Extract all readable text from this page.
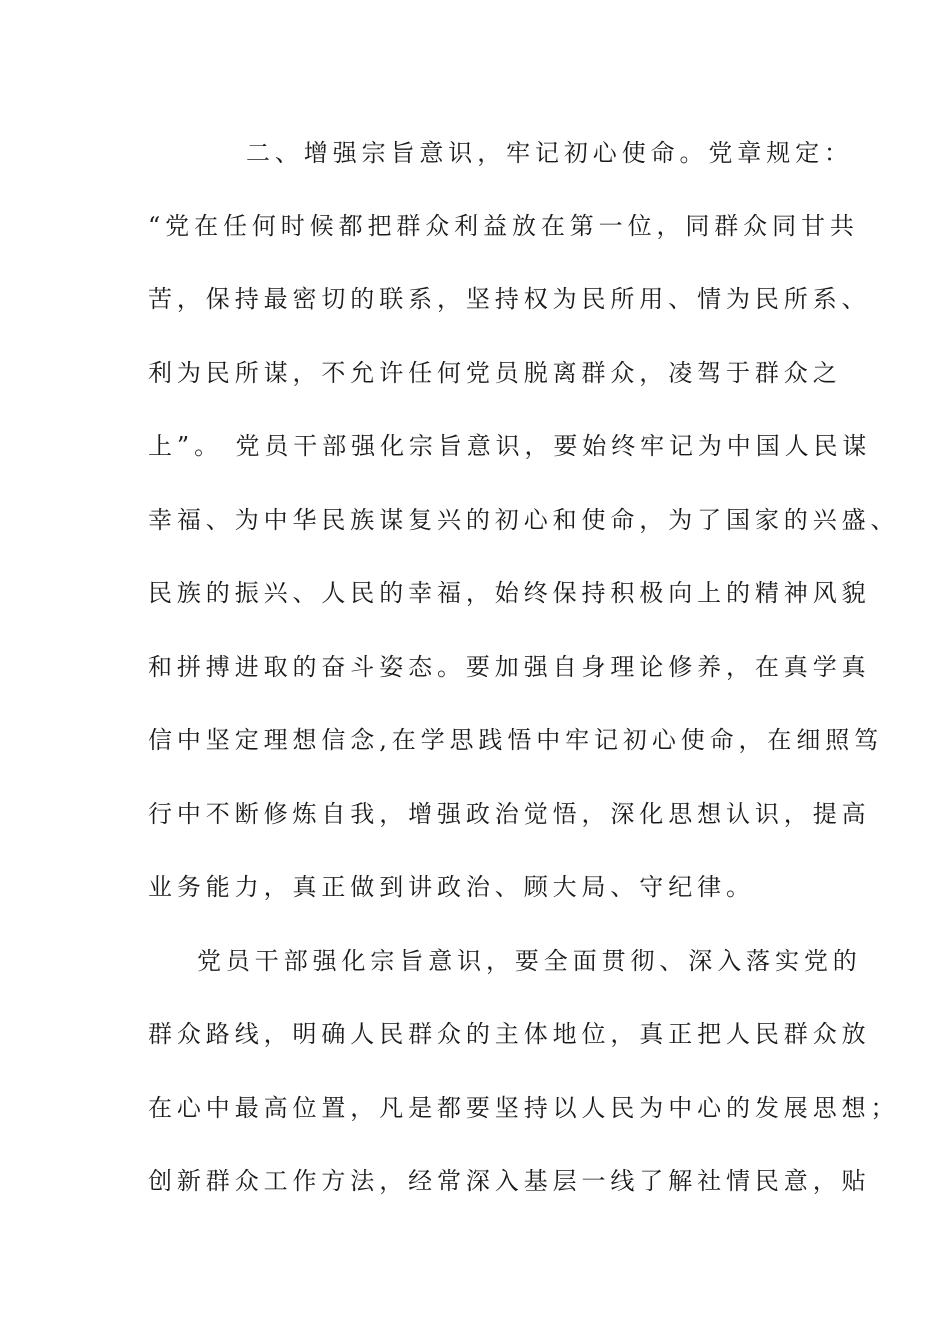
二、增强宗旨意识，牢记初心使命。党章规定：
“党在任何时候都把群众利益放在第一位，同群众同甘共
苦，保持最密切的联系，坚持权为民所用、情为民所系、
利为民所谋，不允许任何党员脱离群众，凌驾于群众之
上”。 党员干部强化宗旨意识，要始终牢记为中国人民谋
幸福、为中华民族谋复兴的初心和使命，为了国家的兴盛、
民族的振兴、人民的幸福，始终保持积极向上的精神风貌
和拼搏进取的奋斗姿态。要加强自身理论修养，在真学真
信中坚定理想信念,在学思践悟中牢记初心使命，在细照笃
行中不断修炼自我，增强政治觉悟，深化思想认识，提高
业务能力，真正做到讲政治、顾大局、守纪律。
党员干部强化宗旨意识，要全面贯彻、深入落实党的
群众路线，明确人民群众的主体地位，真正把人民群众放
在心中最高位置，凡是都要坚持以人民为中心的发展思想；
创新群众工作方法，经常深入基层一线了解社情民意，贴
